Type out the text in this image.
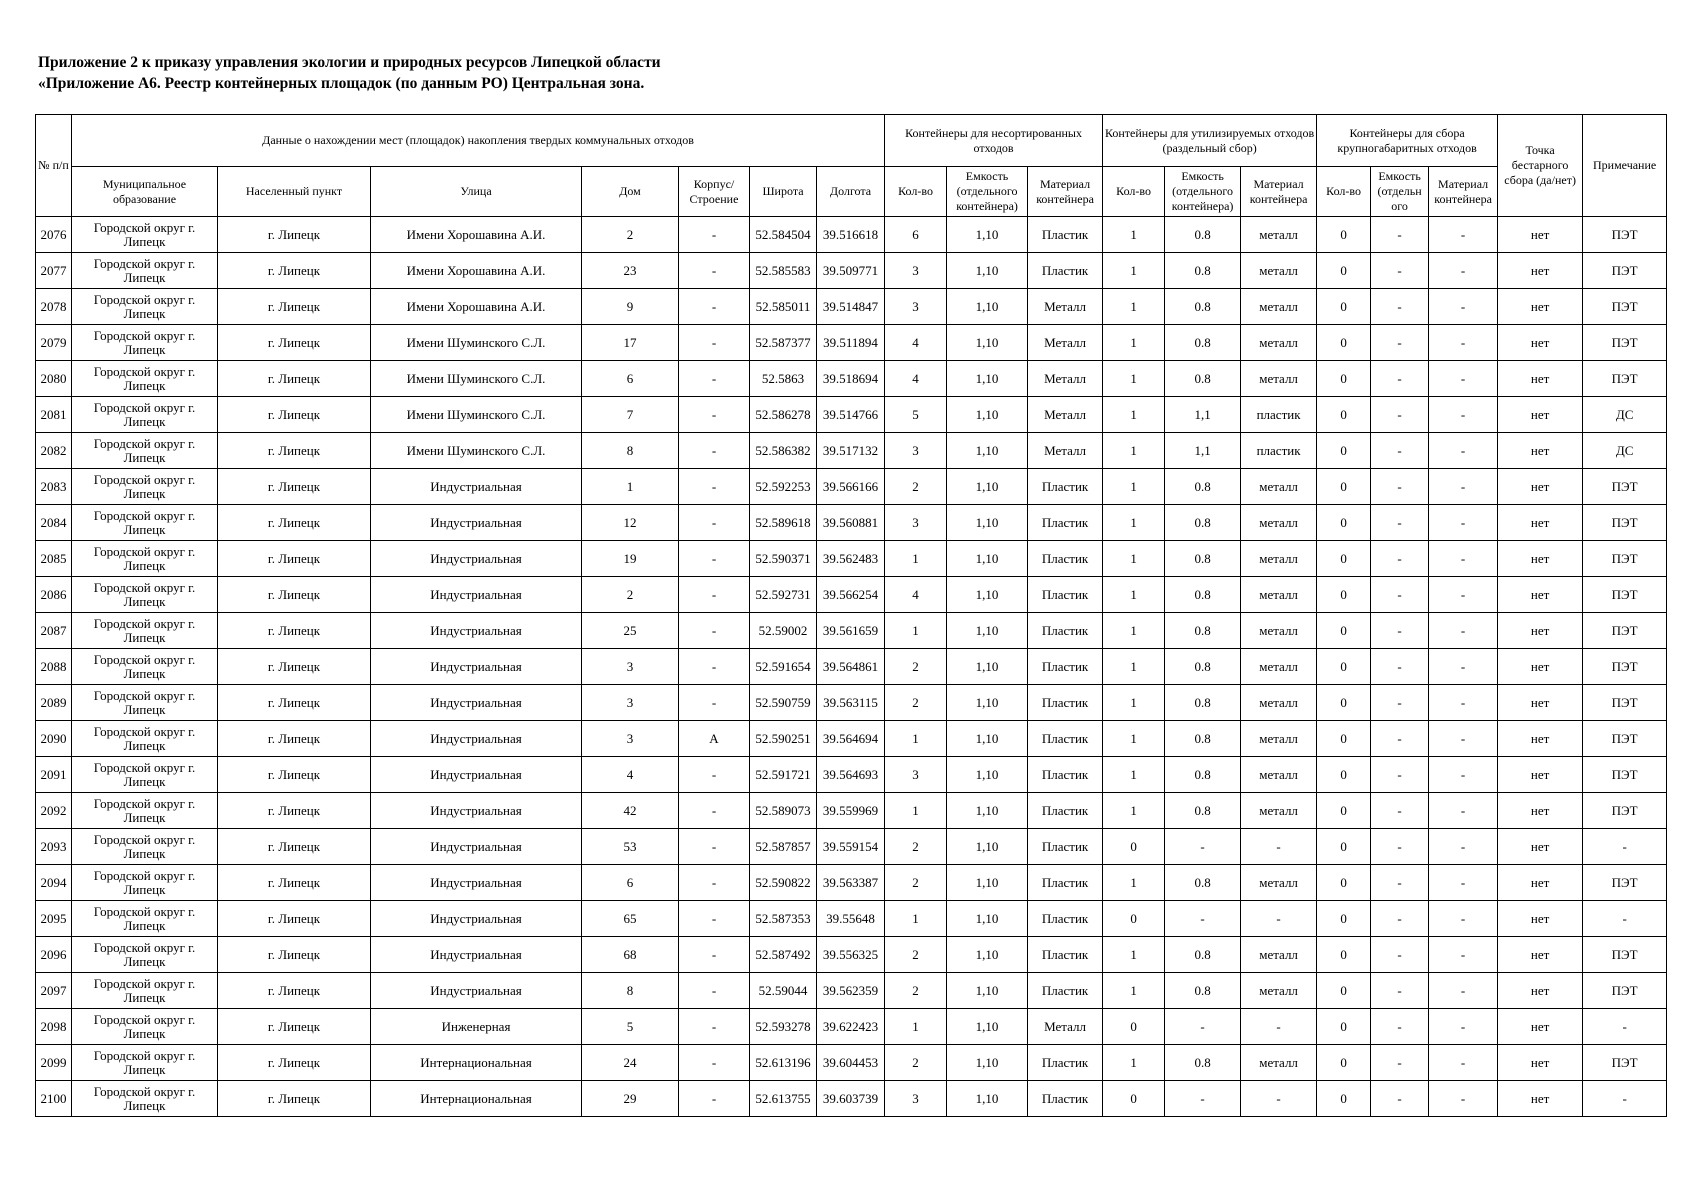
Приложение 2 к приказу управления экологии и природных ресурсов Липецкой области
«Приложение А6. Реестр контейнерных площадок (по данным РО) Центральная зона.
№ п/п	Данные о нахождении мест (площадок) накопления твердых коммунальных отходов							Контейнеры для несортированных отходов			Контейнеры для утилизируемых отходов (раздельный сбор)			Контейнеры для сбора крупногабаритных отходов			Точка бестарного сбора (да/нет)	Примечание
	Муниципальное образование	Населенный пункт	Улица	Дом	Корпус/ Строение	Широта	Долгота	Кол-во	Емкость (отдельного контейнера)	Материал контейнера	Кол-во	Емкость (отдельного контейнера)	Материал контейнера	Кол-во	Емкость (отдельн ого	Материал контейнера		
2076	Городской округ г. Липецк	г. Липецк	Имени Хорошавина А.И.	2	-	52.584504	39.516618	6	1,10	Пластик	1	0.8	металл	0	-	-	нет	ПЭТ
2077	Городской округ г. Липецк	г. Липецк	Имени Хорошавина А.И.	23	-	52.585583	39.509771	3	1,10	Пластик	1	0.8	металл	0	-	-	нет	ПЭТ
2078	Городской округ г. Липецк	г. Липецк	Имени Хорошавина А.И.	9	-	52.585011	39.514847	3	1,10	Металл	1	0.8	металл	0	-	-	нет	ПЭТ
2079	Городской округ г. Липецк	г. Липецк	Имени Шуминского С.Л.	17	-	52.587377	39.511894	4	1,10	Металл	1	0.8	металл	0	-	-	нет	ПЭТ
2080	Городской округ г. Липецк	г. Липецк	Имени Шуминского С.Л.	6	-	52.5863	39.518694	4	1,10	Металл	1	0.8	металл	0	-	-	нет	ПЭТ
2081	Городской округ г. Липецк	г. Липецк	Имени Шуминского С.Л.	7	-	52.586278	39.514766	5	1,10	Металл	1	1,1	пластик	0	-	-	нет	ДС
2082	Городской округ г. Липецк	г. Липецк	Имени Шуминского С.Л.	8	-	52.586382	39.517132	3	1,10	Металл	1	1,1	пластик	0	-	-	нет	ДС
2083	Городской округ г. Липецк	г. Липецк	Индустриальная	1	-	52.592253	39.566166	2	1,10	Пластик	1	0.8	металл	0	-	-	нет	ПЭТ
2084	Городской округ г. Липецк	г. Липецк	Индустриальная	12	-	52.589618	39.560881	3	1,10	Пластик	1	0.8	металл	0	-	-	нет	ПЭТ
2085	Городской округ г. Липецк	г. Липецк	Индустриальная	19	-	52.590371	39.562483	1	1,10	Пластик	1	0.8	металл	0	-	-	нет	ПЭТ
2086	Городской округ г. Липецк	г. Липецк	Индустриальная	2	-	52.592731	39.566254	4	1,10	Пластик	1	0.8	металл	0	-	-	нет	ПЭТ
2087	Городской округ г. Липецк	г. Липецк	Индустриальная	25	-	52.59002	39.561659	1	1,10	Пластик	1	0.8	металл	0	-	-	нет	ПЭТ
2088	Городской округ г. Липецк	г. Липецк	Индустриальная	3	-	52.591654	39.564861	2	1,10	Пластик	1	0.8	металл	0	-	-	нет	ПЭТ
2089	Городской округ г. Липецк	г. Липецк	Индустриальная	3	-	52.590759	39.563115	2	1,10	Пластик	1	0.8	металл	0	-	-	нет	ПЭТ
2090	Городской округ г. Липецк	г. Липецк	Индустриальная	3	А	52.590251	39.564694	1	1,10	Пластик	1	0.8	металл	0	-	-	нет	ПЭТ
2091	Городской округ г. Липецк	г. Липецк	Индустриальная	4	-	52.591721	39.564693	3	1,10	Пластик	1	0.8	металл	0	-	-	нет	ПЭТ
2092	Городской округ г. Липецк	г. Липецк	Индустриальная	42	-	52.589073	39.559969	1	1,10	Пластик	1	0.8	металл	0	-	-	нет	ПЭТ
2093	Городской округ г. Липецк	г. Липецк	Индустриальная	53	-	52.587857	39.559154	2	1,10	Пластик	0	-	-	0	-	-	нет	-
2094	Городской округ г. Липецк	г. Липецк	Индустриальная	6	-	52.590822	39.563387	2	1,10	Пластик	1	0.8	металл	0	-	-	нет	ПЭТ
2095	Городской округ г. Липецк	г. Липецк	Индустриальная	65	-	52.587353	39.55648	1	1,10	Пластик	0	-	-	0	-	-	нет	-
2096	Городской округ г. Липецк	г. Липецк	Индустриальная	68	-	52.587492	39.556325	2	1,10	Пластик	1	0.8	металл	0	-	-	нет	ПЭТ
2097	Городской округ г. Липецк	г. Липецк	Индустриальная	8	-	52.59044	39.562359	2	1,10	Пластик	1	0.8	металл	0	-	-	нет	ПЭТ
2098	Городской округ г. Липецк	г. Липецк	Инженерная	5	-	52.593278	39.622423	1	1,10	Металл	0	-	-	0	-	-	нет	-
2099	Городской округ г. Липецк	г. Липецк	Интернациональная	24	-	52.613196	39.604453	2	1,10	Пластик	1	0.8	металл	0	-	-	нет	ПЭТ
2100	Городской округ г. Липецк	г. Липецк	Интернациональная	29	-	52.613755	39.603739	3	1,10	Пластик	0	-	-	0	-	-	нет	-
